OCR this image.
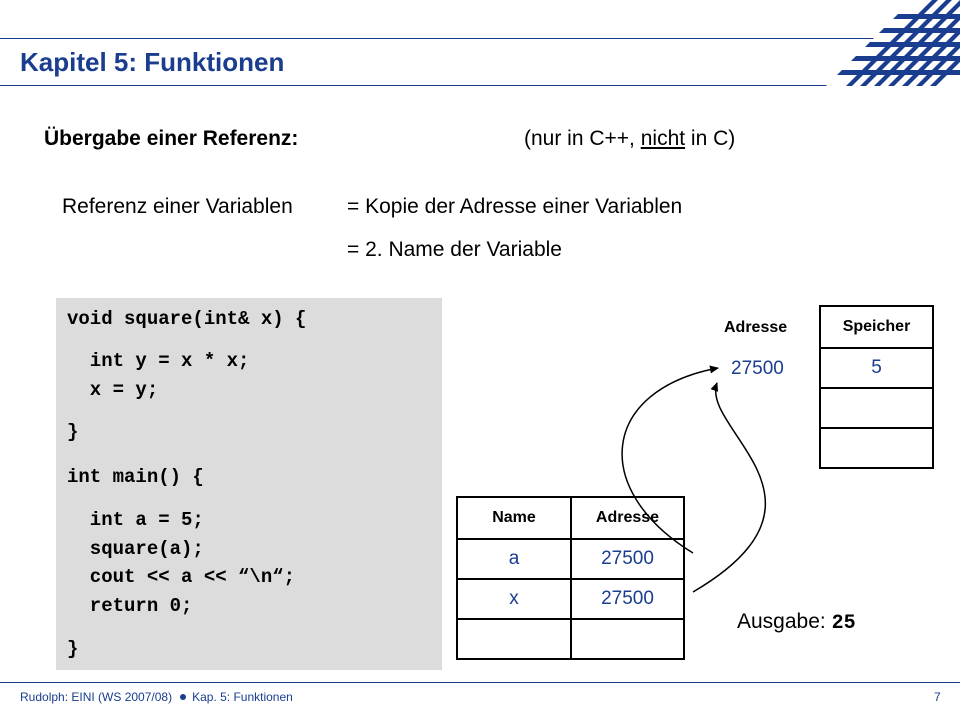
Kapitel 5: Funktionen
Übergabe einer Referenz:	(nur in C++, nicht in C)
Referenz einer Variablen	= Kopie der Adresse einer Variablen
= 2. Name der Variable
void square(int& x) {
int y = x * x;
x = y;
}
int main() {
int a = 5;
square(a);
cout << a << “\n“;
return 0;
}
Adresse
27500
Speicher
5

Name	Adresse
a	27500
x	27500

Ausgabe: 25
Rudolph: EINI (WS 2007/08) Kap. 5: Funktionen	7
